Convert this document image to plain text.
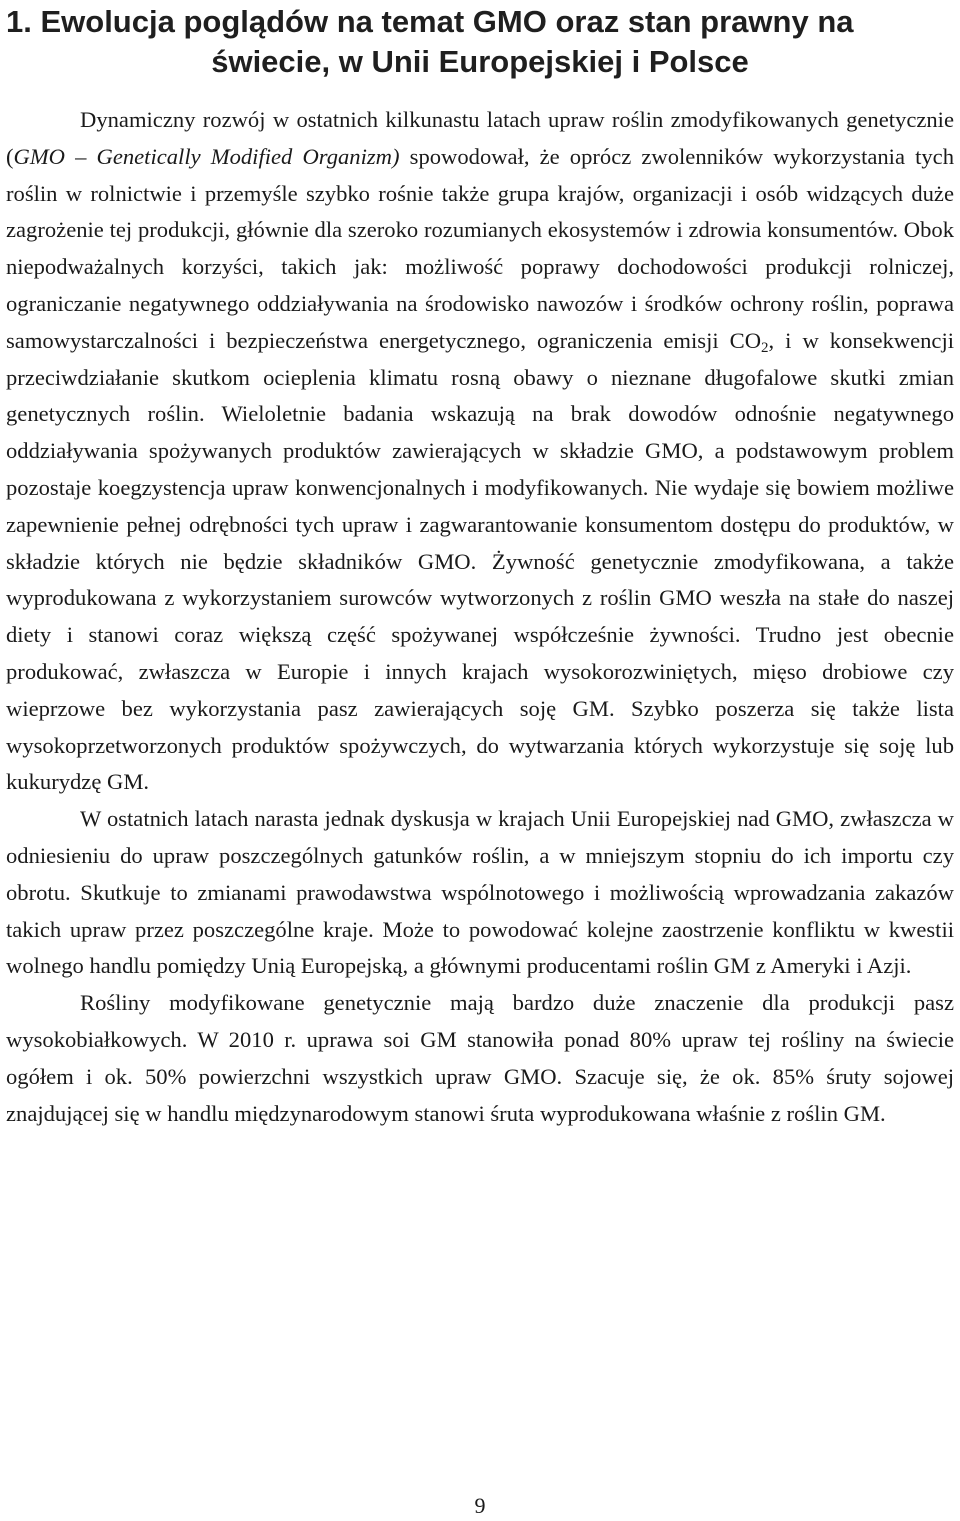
1. Ewolucja poglądów na temat GMO oraz stan prawny na
świecie, w Unii Europejskiej i Polsce

Dynamiczny rozwój w ostatnich kilkunastu latach upraw roślin zmodyfikowanych genetycznie (GMO – Genetically Modified Organizm) spowodował, że oprócz zwolenników wykorzystania tych roślin w rolnictwie i przemyśle szybko rośnie także grupa krajów, organizacji i osób widzących duże zagrożenie tej produkcji, głównie dla szeroko rozumianych ekosystemów i zdrowia konsumentów. Obok niepodważalnych korzyści, takich jak: możliwość poprawy dochodowości produkcji rolniczej, ograniczanie negatywnego oddziaływania na środowisko nawozów i środków ochrony roślin, poprawa samowystarczalności i bezpieczeństwa energetycznego, ograniczenia emisji $CO_2$, i w konsekwencji przeciwdziałanie skutkom ocieplenia klimatu rosną obawy o nieznane długofalowe skutki zmian genetycznych roślin. Wieloletnie badania wskazują na brak dowodów odnośnie negatywnego oddziaływania spożywanych produktów zawierających w składzie GMO, a podstawowym problem pozostaje koegzystencja upraw konwencjonalnych i modyfikowanych. Nie wydaje się bowiem możliwe zapewnienie pełnej odrębności tych upraw i zagwarantowanie konsumentom dostępu do produktów, w składzie których nie będzie składników GMO. Żywność genetycznie zmodyfikowana, a także wyprodukowana z wykorzystaniem surowców wytworzonych z roślin GMO weszła na stałe do naszej diety i stanowi coraz większą część spożywanej współcześnie żywności. Trudno jest obecnie produkować, zwłaszcza w Europie i innych krajach wysokorozwiniętych, mięso drobiowe czy wieprzowe bez wykorzystania pasz zawierających soję GM. Szybko poszerza się także lista wysokoprzetworzonych produktów spożywczych, do wytwarzania których wykorzystuje się soję lub kukurydzę GM.

W ostatnich latach narasta jednak dyskusja w krajach Unii Europejskiej nad GMO, zwłaszcza w odniesieniu do upraw poszczególnych gatunków roślin, a w mniejszym stopniu do ich importu czy obrotu. Skutkuje to zmianami prawodawstwa wspólnotowego i możliwością wprowadzania zakazów takich upraw przez poszczególne kraje. Może to powodować kolejne zaostrzenie konfliktu w kwestii wolnego handlu pomiędzy Unią Europejską, a głównymi producentami roślin GM z Ameryki i Azji.

Rośliny modyfikowane genetycznie mają bardzo duże znaczenie dla produkcji pasz wysokobiałkowych. W 2010 r. uprawa soi GM stanowiła ponad 80% upraw tej rośliny na świecie ogółem i ok. 50% powierzchni wszystkich upraw GMO. Szacuje się, że ok. 85% śruty sojowej znajdującej się w handlu międzynarodowym stanowi śruta wyprodukowana właśnie z roślin GM.

9
